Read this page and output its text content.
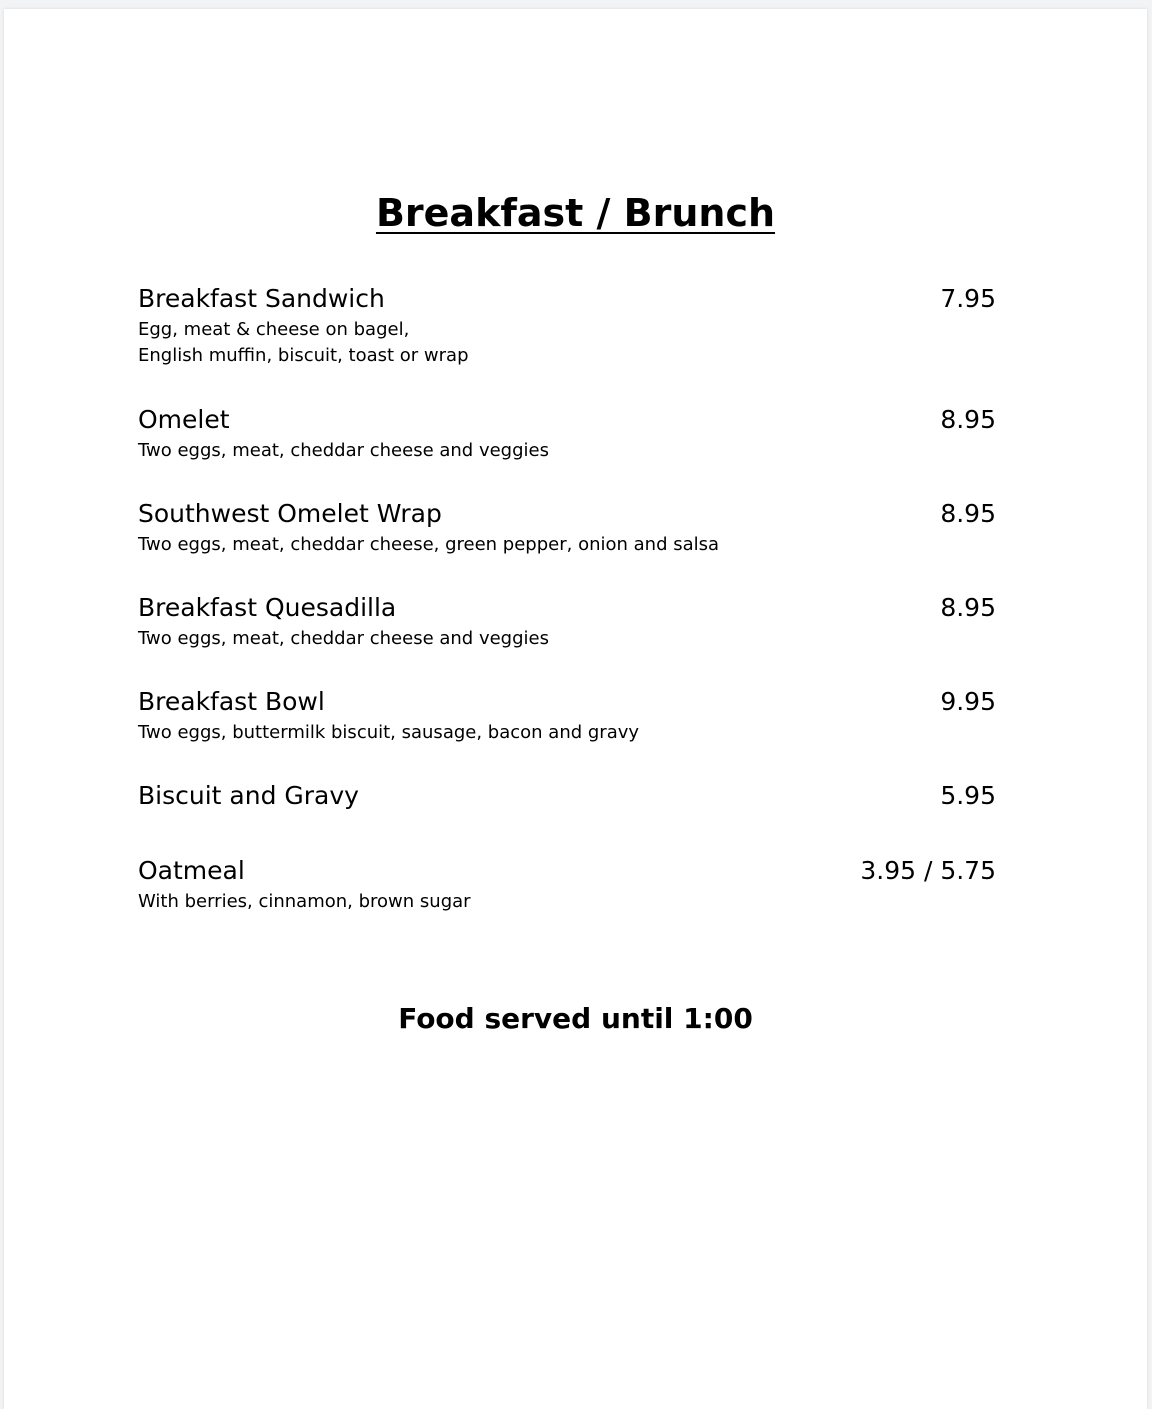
Breakfast / Brunch
Breakfast Sandwich	7.95
Egg, meat & cheese on bagel,
English muffin, biscuit, toast or wrap
Omelet	8.95
Two eggs, meat, cheddar cheese and veggies
Southwest Omelet Wrap	8.95
Two eggs, meat, cheddar cheese, green pepper, onion and salsa
Breakfast Quesadilla	8.95
Two eggs, meat, cheddar cheese and veggies
Breakfast Bowl	9.95
Two eggs, buttermilk biscuit, sausage, bacon and gravy
Biscuit and Gravy	5.95
Oatmeal	3.95 / 5.75
With berries, cinnamon, brown sugar
Food served until 1:00
